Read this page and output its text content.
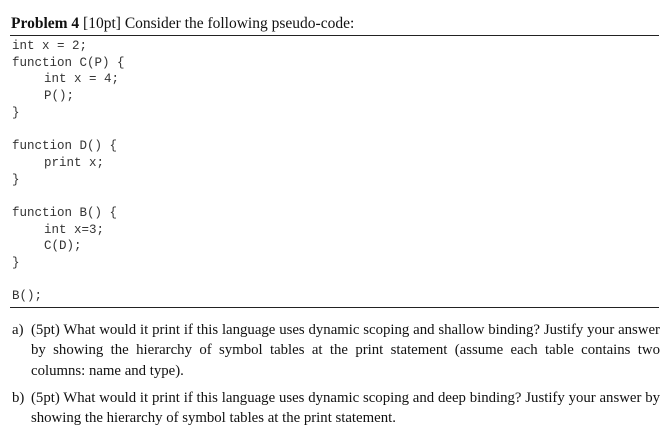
Problem 4 [10pt] Consider the following pseudo-code:
int x = 2;
function C(P) {
int x = 4;
P();
}
function D() {
print x;
}
function B() {
int x=3;
C(D);
}
B();
a) (5pt) What would it print if this language uses dynamic scoping and shallow binding? Justify your answer by showing the hierarchy of symbol tables at the print statement (assume each table contains two columns: name and type).
b) (5pt) What would it print if this language uses dynamic scoping and deep binding? Justify your answer by showing the hierarchy of symbol tables at the print statement.
